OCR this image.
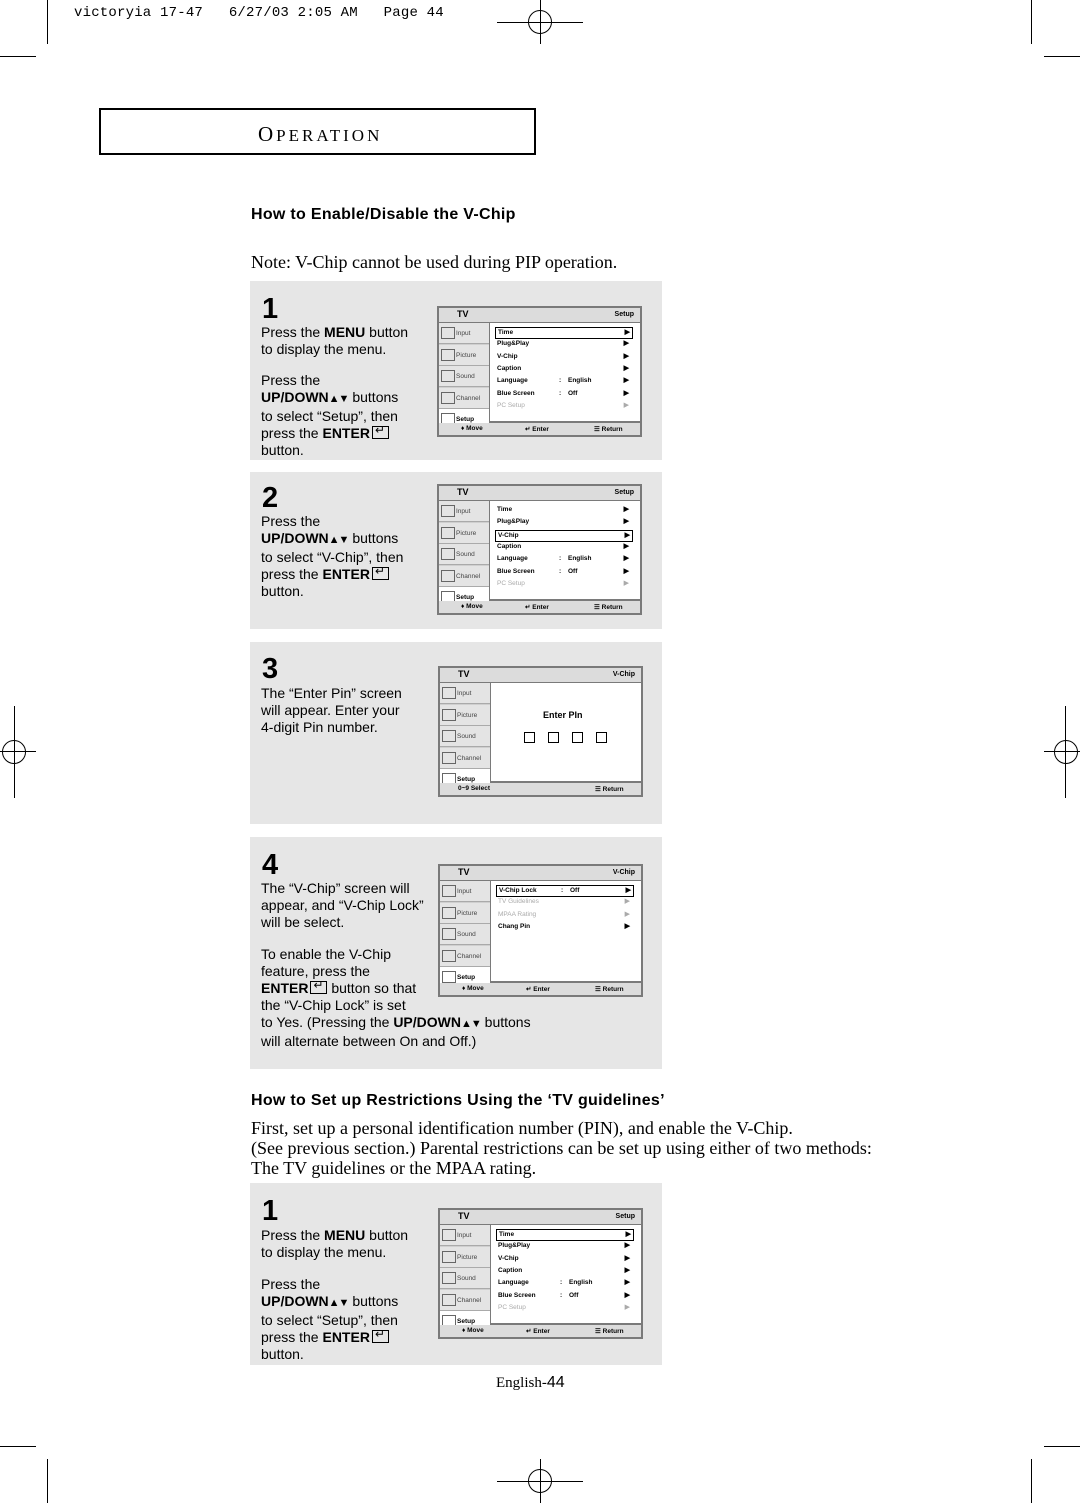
victoryia 17-47   6/27/03 2:05 AM   Page 44
OPERATION
How to Enable/Disable the V-Chip
Note: V-Chip cannot be used during PIP operation.
1
Press the MENU button
to display the menu.
Press the
UP/DOWN▲▼ buttons
to select “Setup”, then
press the ENTER↵
button.
TV	Setup
Input
Picture
Sound
Channel
Setup
Time	▶
Plug&Play	▶
V-Chip	▶
Caption	▶
Language	: English	▶
Blue Screen	: Off	▶
PC Setup	▶
♦ Move	↵ Enter	☰ Return
2
Press the
UP/DOWN▲▼ buttons
to select “V-Chip”, then
press the ENTER↵
button.
TV	Setup
Input
Picture
Sound
Channel
Setup
Time	▶
Plug&Play	▶
V-Chip	▶
Caption	▶
Language	: English	▶
Blue Screen	: Off	▶
PC Setup	▶
♦ Move	↵ Enter	☰ Return
3
The “Enter Pin” screen
will appear. Enter your
4-digit Pin number.
TV	V-Chip
Input
Picture
Sound
Channel
Setup
Enter PIn
0~9 Select	☰ Return
4
The “V-Chip” screen will
appear, and “V-Chip Lock”
will be select.
To enable the V-Chip
feature, press the
ENTER↵ button so that
the “V-Chip Lock” is set
to Yes. (Pressing the UP/DOWN▲▼ buttons
will alternate between On and Off.)
TV	V-Chip
Input
Picture
Sound
Channel
Setup
V-Chip Lock	: Off	▶
TV Guidelines	▶
MPAA Rating	▶
Chang Pin	▶
♦ Move	↵ Enter	☰ Return
How to Set up Restrictions Using the ‘TV guidelines’
First, set up a personal identification number (PIN), and enable the V-Chip.
(See previous section.) Parental restrictions can be set up using either of two methods:
The TV guidelines or the MPAA rating.
1
Press the MENU button
to display the menu.
Press the
UP/DOWN▲▼ buttons
to select “Setup”, then
press the ENTER↵
button.
TV	Setup
Input
Picture
Sound
Channel
Setup
Time	▶
Plug&Play	▶
V-Chip	▶
Caption	▶
Language	: English	▶
Blue Screen	: Off	▶
PC Setup	▶
♦ Move	↵ Enter	☰ Return
English-44
